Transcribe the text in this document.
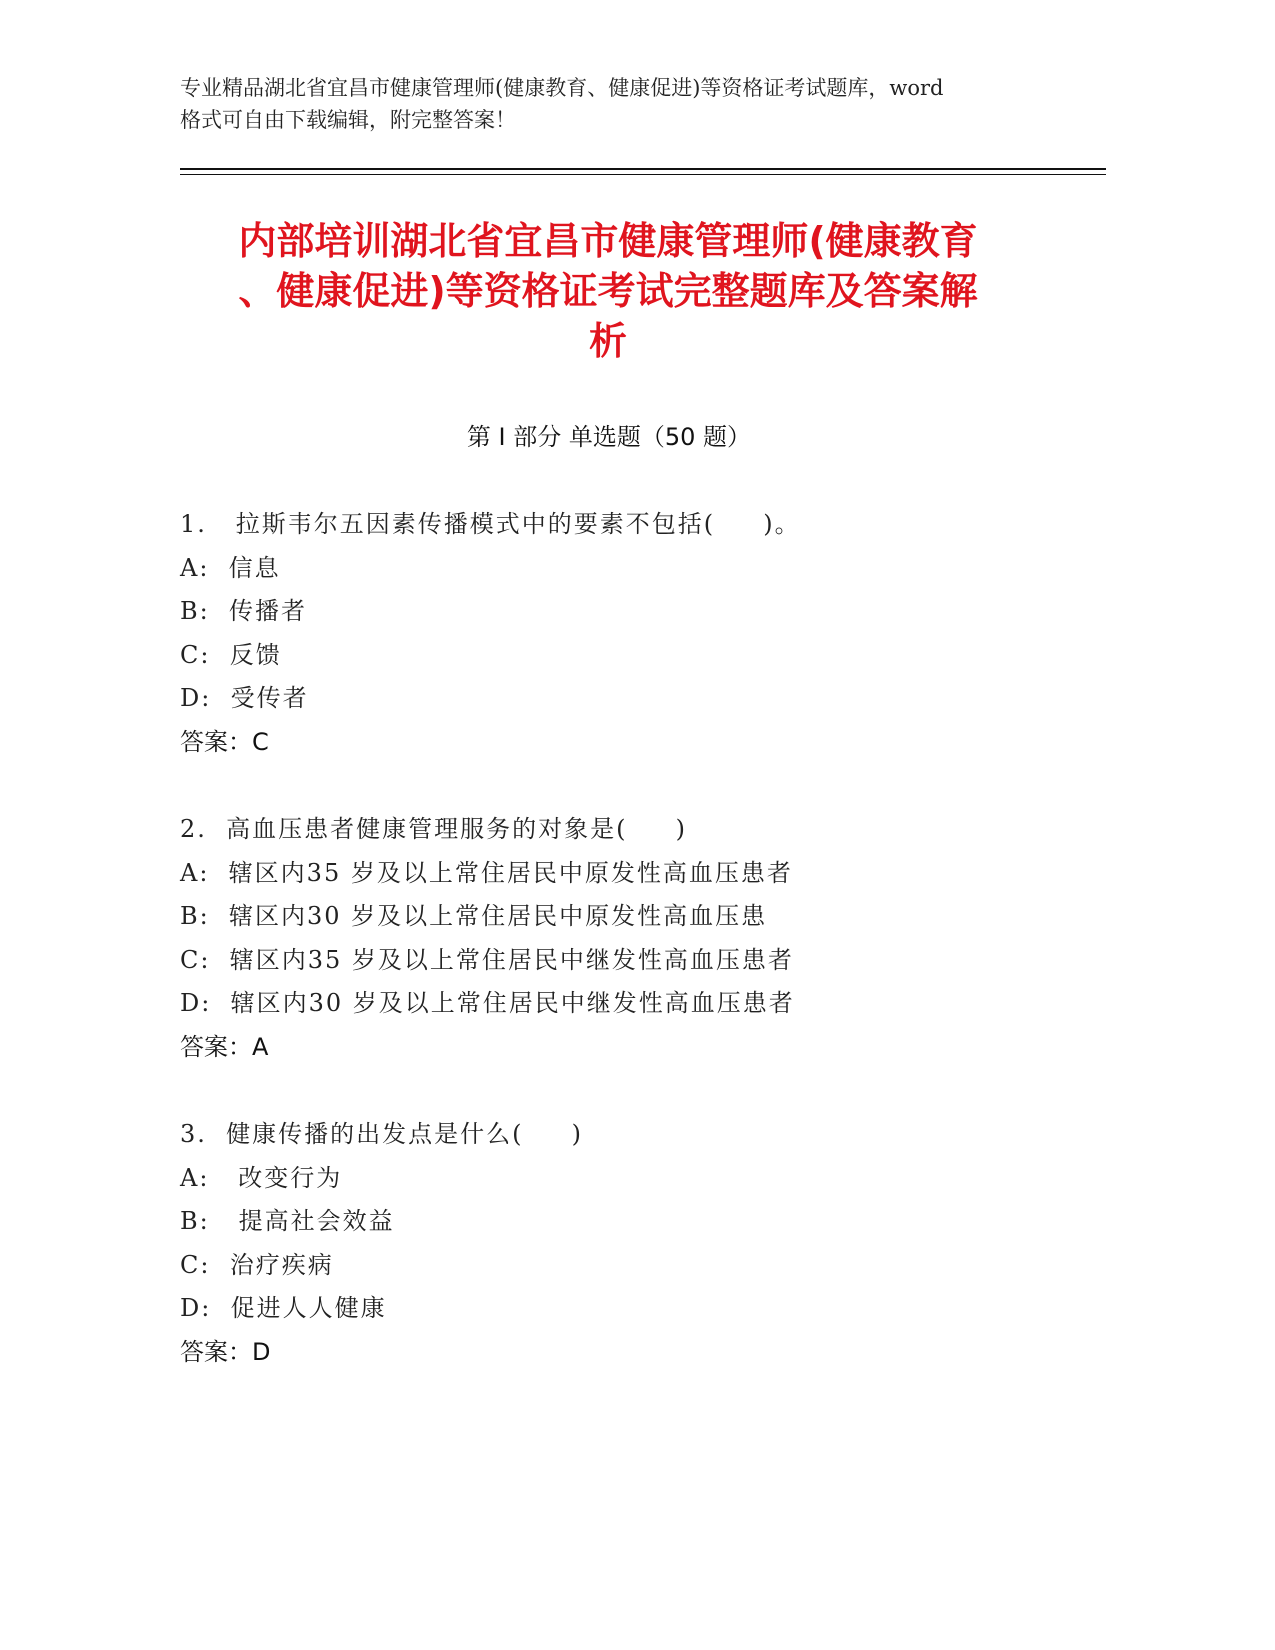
专业精品湖北省宜昌市健康管理师(健康教育、健康促进)等资格证考试题库，word
格式可自由下载编辑，附完整答案！
内部培训湖北省宜昌市健康管理师(健康教育
、健康促进)等资格证考试完整题库及答案解
析
第 I 部分 单选题（50 题）
1.   拉斯韦尔五因素传播模式中的要素不包括(     )。
A:  信息
B:  传播者
C:  反馈
D:  受传者
答案：C
2.  高血压患者健康管理服务的对象是(     )
A:  辖区内35 岁及以上常住居民中原发性高血压患者
B:  辖区内30 岁及以上常住居民中原发性高血压患
C:  辖区内35 岁及以上常住居民中继发性高血压患者
D:  辖区内30 岁及以上常住居民中继发性高血压患者
答案：A
3.  健康传播的出发点是什么(     )
A:   改变行为
B:   提高社会效益
C:  治疗疾病
D:  促进人人健康
答案：D
